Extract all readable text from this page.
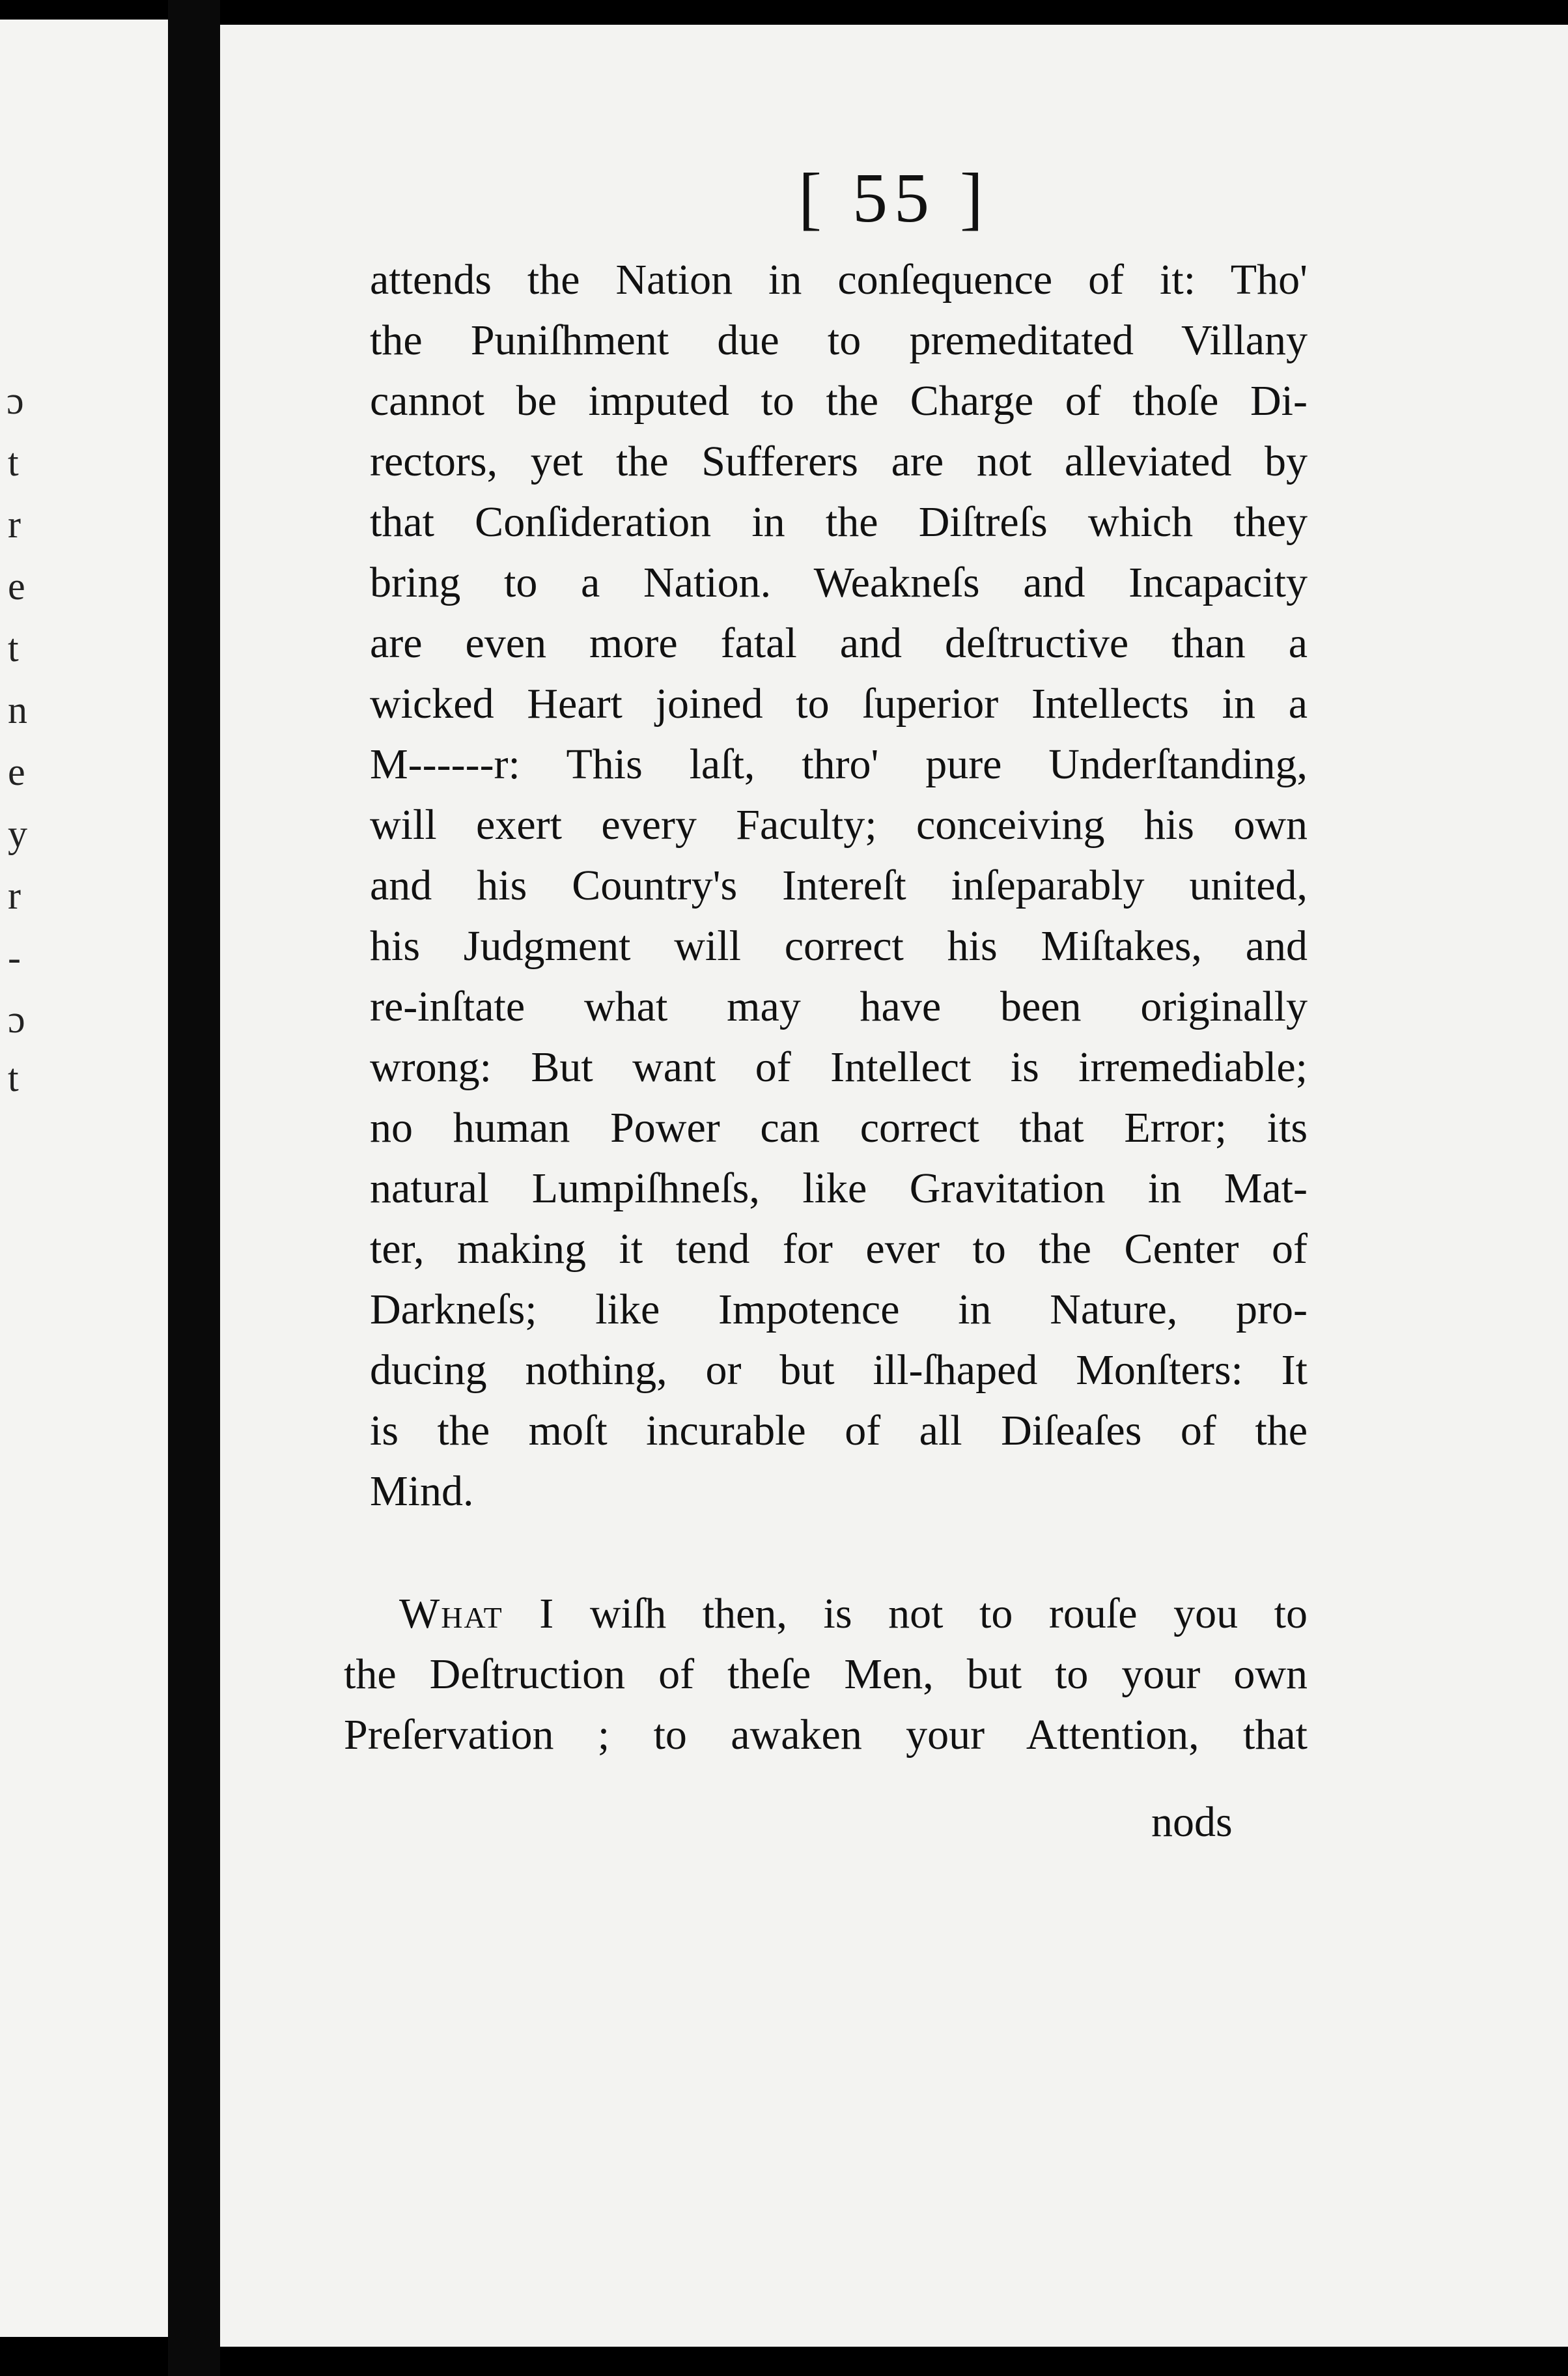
ɔ
t
r
e
t
n
e
y
r
-
ɔ
t
[ 55 ]
attends the Nation in conſequence of it: Tho'
the Puniſhment due to premeditated Villany
cannot be imputed to the Charge of thoſe Di-
rectors, yet the Sufferers are not alleviated by
that Conſideration in the Diſtreſs which they
bring to a Nation. Weakneſs and Incapacity
are even more fatal and deſtructive than a
wicked Heart joined to ſuperior Intellects in a
M------r: This laſt, thro' pure Underſtanding,
will exert every Faculty; conceiving his own
and his Country's Intereſt inſeparably united,
his Judgment will correct his Miſtakes, and
re-inſtate what may have been originally
wrong: But want of Intellect is irremediable;
no human Power can correct that Error; its
natural Lumpiſhneſs, like Gravitation in Mat-
ter, making it tend for ever to the Center of
Darkneſs; like Impotence in Nature, pro-
ducing nothing, or but ill-ſhaped Monſters: It
is the moſt incurable of all Diſeaſes of the
Mind.
What I wiſh then, is not to rouſe you to
the Deſtruction of theſe Men, but to your own
Preſervation ; to awaken your Attention, that
nods
